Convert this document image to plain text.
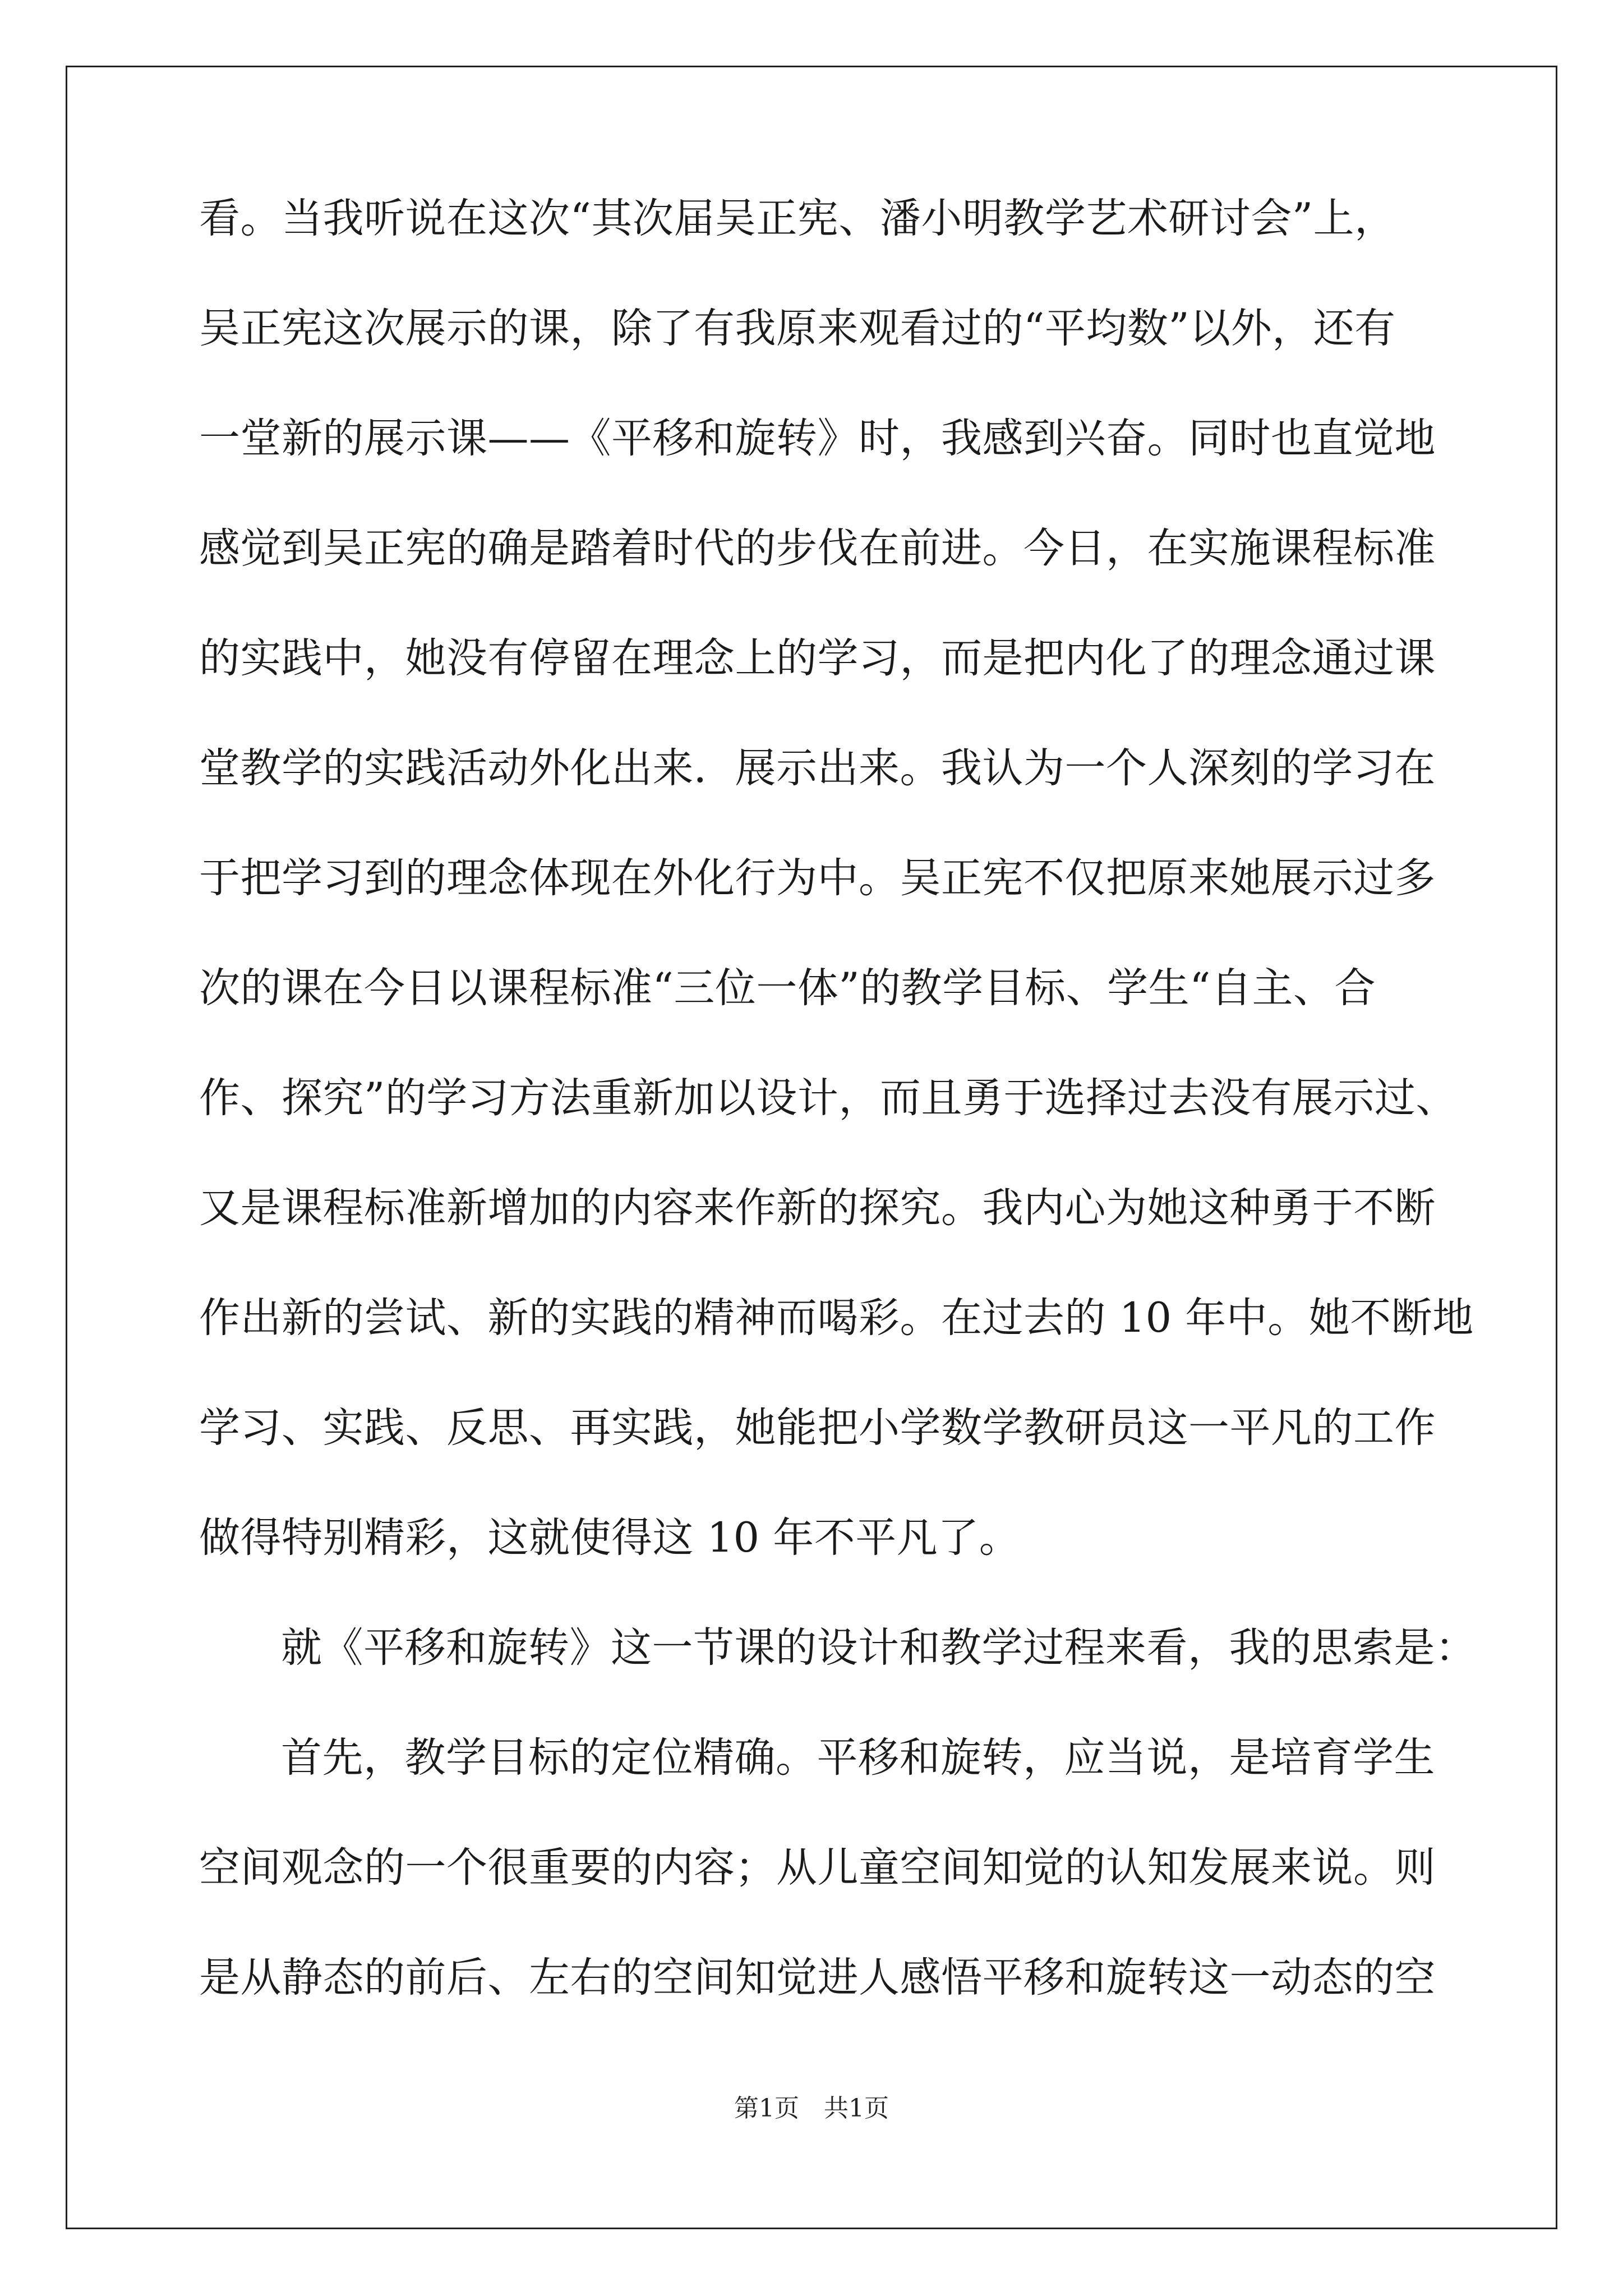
看。当我听说在这次“其次届吴正宪、潘小明教学艺术研讨会”上，
吴正宪这次展示的课，除了有我原来观看过的“平均数”以外，还有
一堂新的展示课——《平移和旋转》时，我感到兴奋。同时也直觉地
感觉到吴正宪的确是踏着时代的步伐在前进。今日，在实施课程标准
的实践中，她没有停留在理念上的学习，而是把内化了的理念通过课
堂教学的实践活动外化出来．展示出来。我认为一个人深刻的学习在
于把学习到的理念体现在外化行为中。吴正宪不仅把原来她展示过多
次的课在今日以课程标准“三位一体”的教学目标、学生“自主、合
作、探究”的学习方法重新加以设计，而且勇于选择过去没有展示过、
又是课程标准新增加的内容来作新的探究。我内心为她这种勇于不断
作出新的尝试、新的实践的精神而喝彩。在过去的 10 年中。她不断地
学习、实践、反思、再实践，她能把小学数学教研员这一平凡的工作
做得特别精彩，这就使得这 10 年不平凡了。
就《平移和旋转》这一节课的设计和教学过程来看，我的思索是：
首先，教学目标的定位精确。平移和旋转，应当说，是培育学生
空间观念的一个很重要的内容；从儿童空间知觉的认知发展来说。则
是从静态的前后、左右的空间知觉进人感悟平移和旋转这一动态的空
第1页　共1页
